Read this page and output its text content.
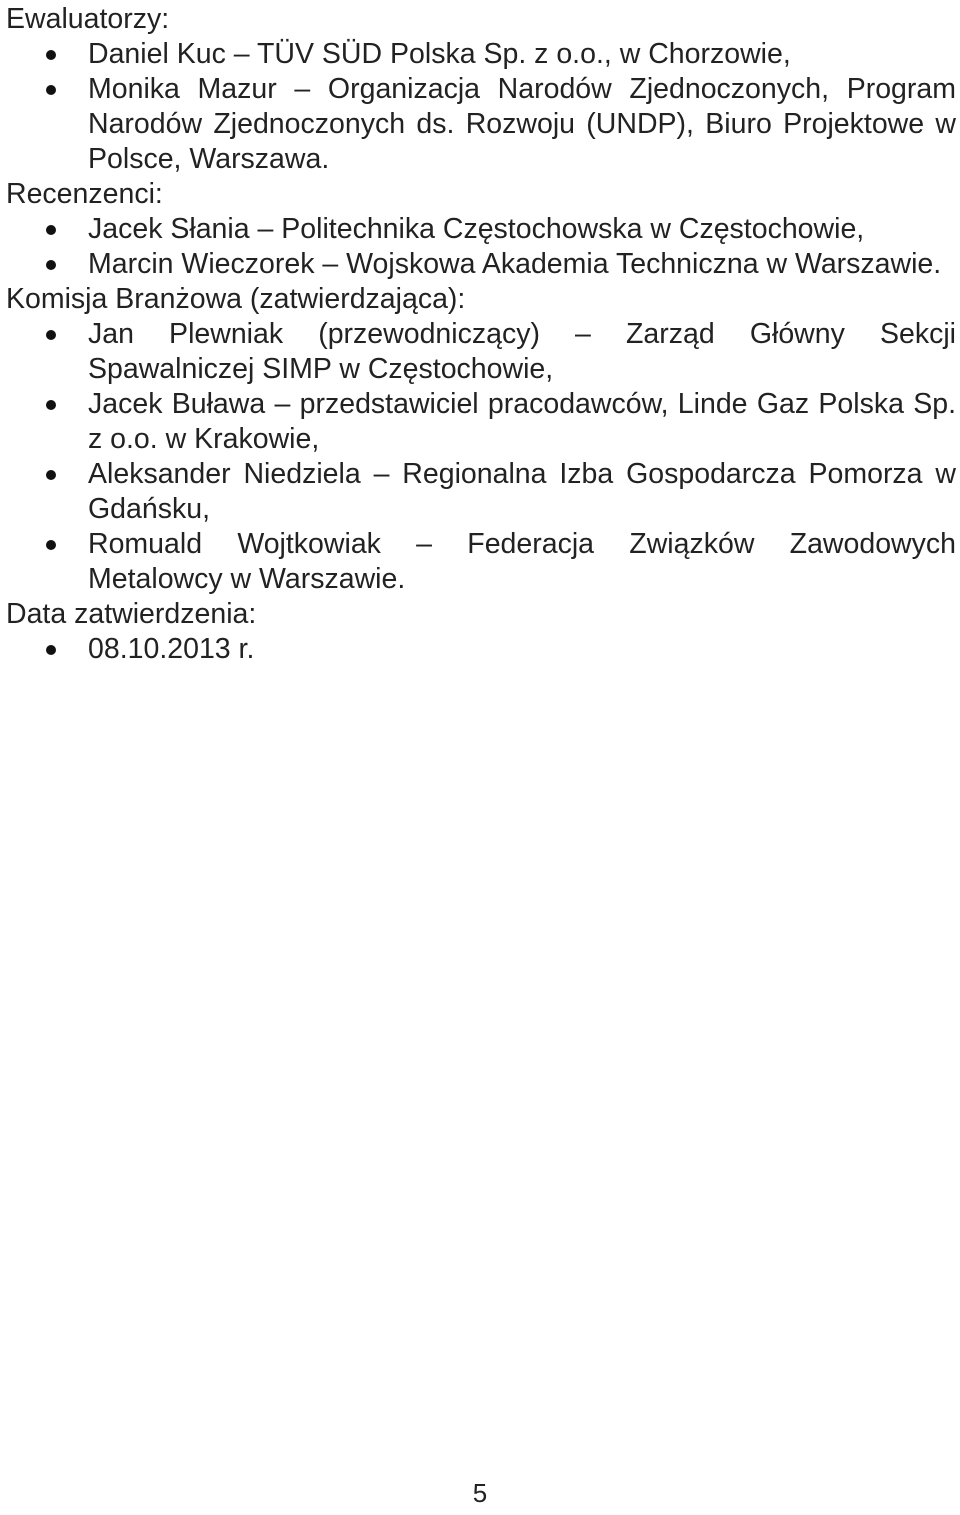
Ewaluatorzy:
Daniel Kuc – TÜV SÜD Polska Sp. z o.o., w Chorzowie,
Monika Mazur – Organizacja Narodów Zjednoczonych, Program Narodów Zjednoczonych ds. Rozwoju (UNDP), Biuro Projektowe w Polsce, Warszawa.
Recenzenci:
Jacek Słania – Politechnika Częstochowska w Częstochowie,
Marcin Wieczorek – Wojskowa Akademia Techniczna w Warszawie.
Komisja Branżowa (zatwierdzająca):
Jan Plewniak (przewodniczący) – Zarząd Główny Sekcji Spawalniczej SIMP w Częstochowie,
Jacek Buława – przedstawiciel pracodawców, Linde Gaz Polska Sp. z o.o. w Krakowie,
Aleksander Niedziela – Regionalna Izba Gospodarcza Pomorza w Gdańsku,
Romuald Wojtkowiak – Federacja Związków Zawodowych Metalowcy w Warszawie.
Data zatwierdzenia:
08.10.2013 r.
5
